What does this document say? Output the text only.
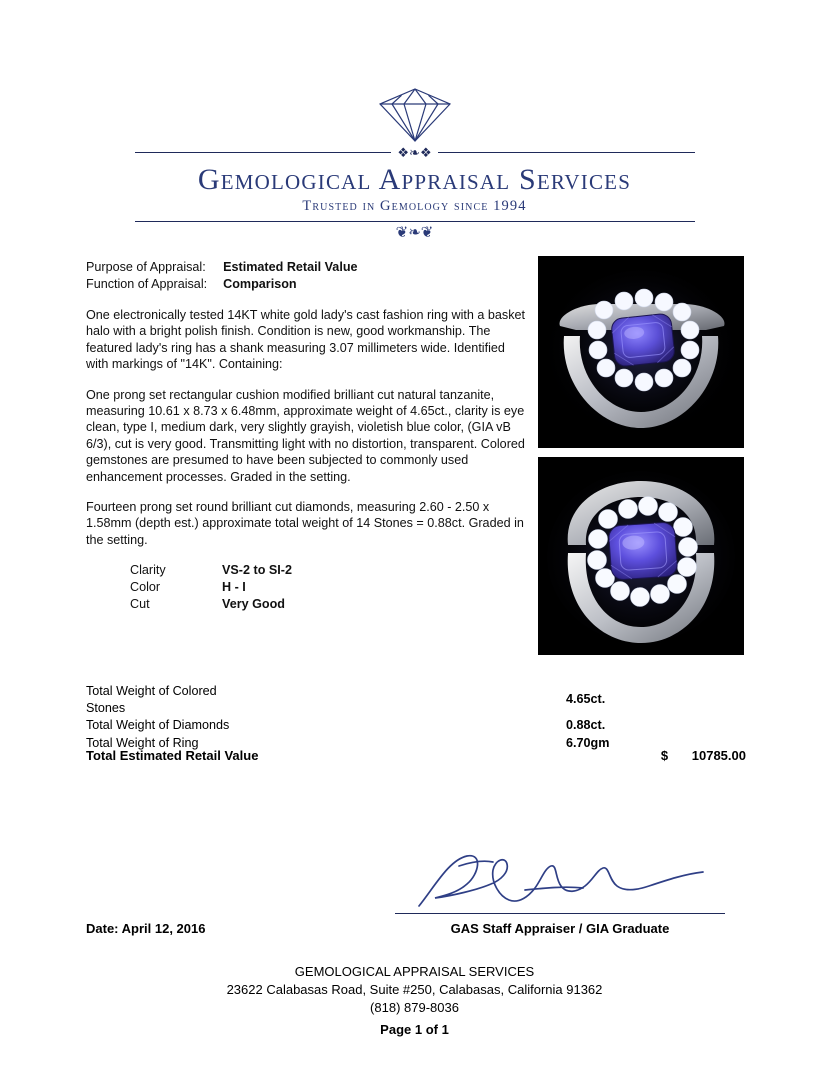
❖❧❖
Gemological Appraisal Services
Trusted in Gemology since 1994
❦❧❦
Purpose of Appraisal:	Estimated Retail Value
Function of Appraisal:	Comparison

One electronically tested 14KT white gold lady's cast fashion ring with a basket halo with a bright polish finish. Condition is new, good workmanship. The featured lady's ring has a shank measuring 3.07 millimeters wide. Identified with markings of "14K". Containing:

One prong set rectangular cushion modified brilliant cut natural tanzanite, measuring 10.61 x 8.73 x 6.48mm, approximate weight of 4.65ct., clarity is eye clean, type I, medium dark, very slightly grayish, violetish blue color, (GIA vB 6/3), cut is very good. Transmitting light with no distortion, transparent. Colored gemstones are presumed to have been subjected to commonly used enhancement processes. Graded in the setting.

Fourteen prong set round brilliant cut diamonds, measuring 2.60 - 2.50 x 1.58mm (depth est.) approximate total weight of 14 Stones = 0.88ct. Graded in the setting.

Clarity	VS-2 to SI-2
Color	H - I
Cut	Very Good
Total Weight of Colored Stones	4.65ct.
Total Weight of Diamonds	0.88ct.
Total Weight of Ring	6.70gm
Total Estimated Retail Value	$ 10785.00
Date: April 12, 2016	GAS Staff Appraiser / GIA Graduate
GEMOLOGICAL APPRAISAL SERVICES
23622 Calabasas Road, Suite #250, Calabasas, California 91362
(818) 879-8036
Page 1 of 1
